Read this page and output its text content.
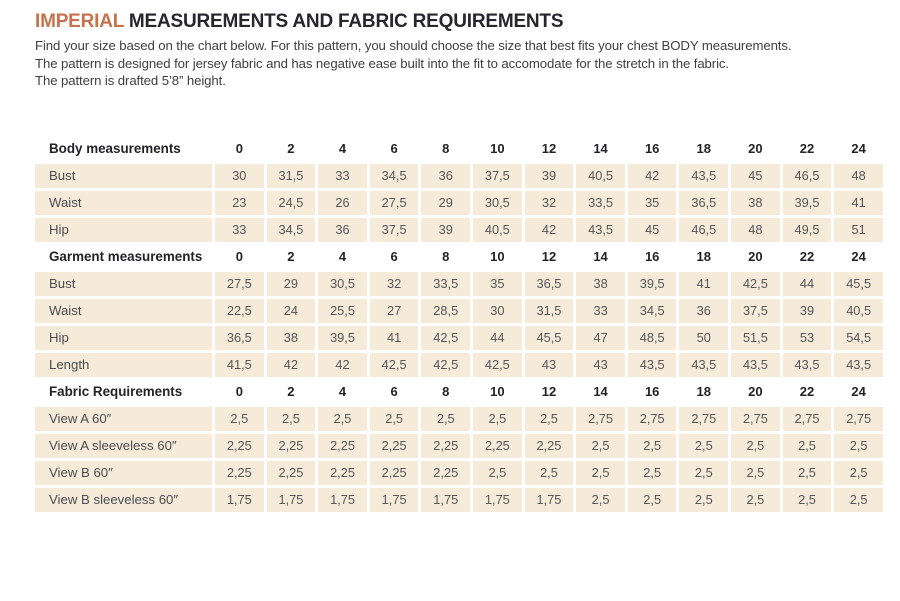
IMPERIAL MEASUREMENTS AND FABRIC REQUIREMENTS
Find your size based on the chart below. For this pattern, you should choose the size that best fits your chest BODY measurements.
The pattern is designed for jersey fabric and has negative ease built into the fit to accomodate for the stretch in the fabric.
The pattern is drafted 5’8” height.
Body measurements	0	2	4	6	8	10	12	14	16	18	20	22	24
Bust	30	31,5	33	34,5	36	37,5	39	40,5	42	43,5	45	46,5	48
Waist	23	24,5	26	27,5	29	30,5	32	33,5	35	36,5	38	39,5	41
Hip	33	34,5	36	37,5	39	40,5	42	43,5	45	46,5	48	49,5	51
Garment measurements	0	2	4	6	8	10	12	14	16	18	20	22	24
Bust	27,5	29	30,5	32	33,5	35	36,5	38	39,5	41	42,5	44	45,5
Waist	22,5	24	25,5	27	28,5	30	31,5	33	34,5	36	37,5	39	40,5
Hip	36,5	38	39,5	41	42,5	44	45,5	47	48,5	50	51,5	53	54,5
Length	41,5	42	42	42,5	42,5	42,5	43	43	43,5	43,5	43,5	43,5	43,5
Fabric Requirements	0	2	4	6	8	10	12	14	16	18	20	22	24
View A 60″	2,5	2,5	2,5	2,5	2,5	2,5	2,5	2,75	2,75	2,75	2,75	2,75	2,75
View A sleeveless 60″	2,25	2,25	2,25	2,25	2,25	2,25	2,25	2,5	2,5	2,5	2,5	2,5	2,5
View B 60″	2,25	2,25	2,25	2,25	2,25	2,5	2,5	2,5	2,5	2,5	2,5	2,5	2,5
View B sleeveless 60″	1,75	1,75	1,75	1,75	1,75	1,75	1,75	2,5	2,5	2,5	2,5	2,5	2,5
